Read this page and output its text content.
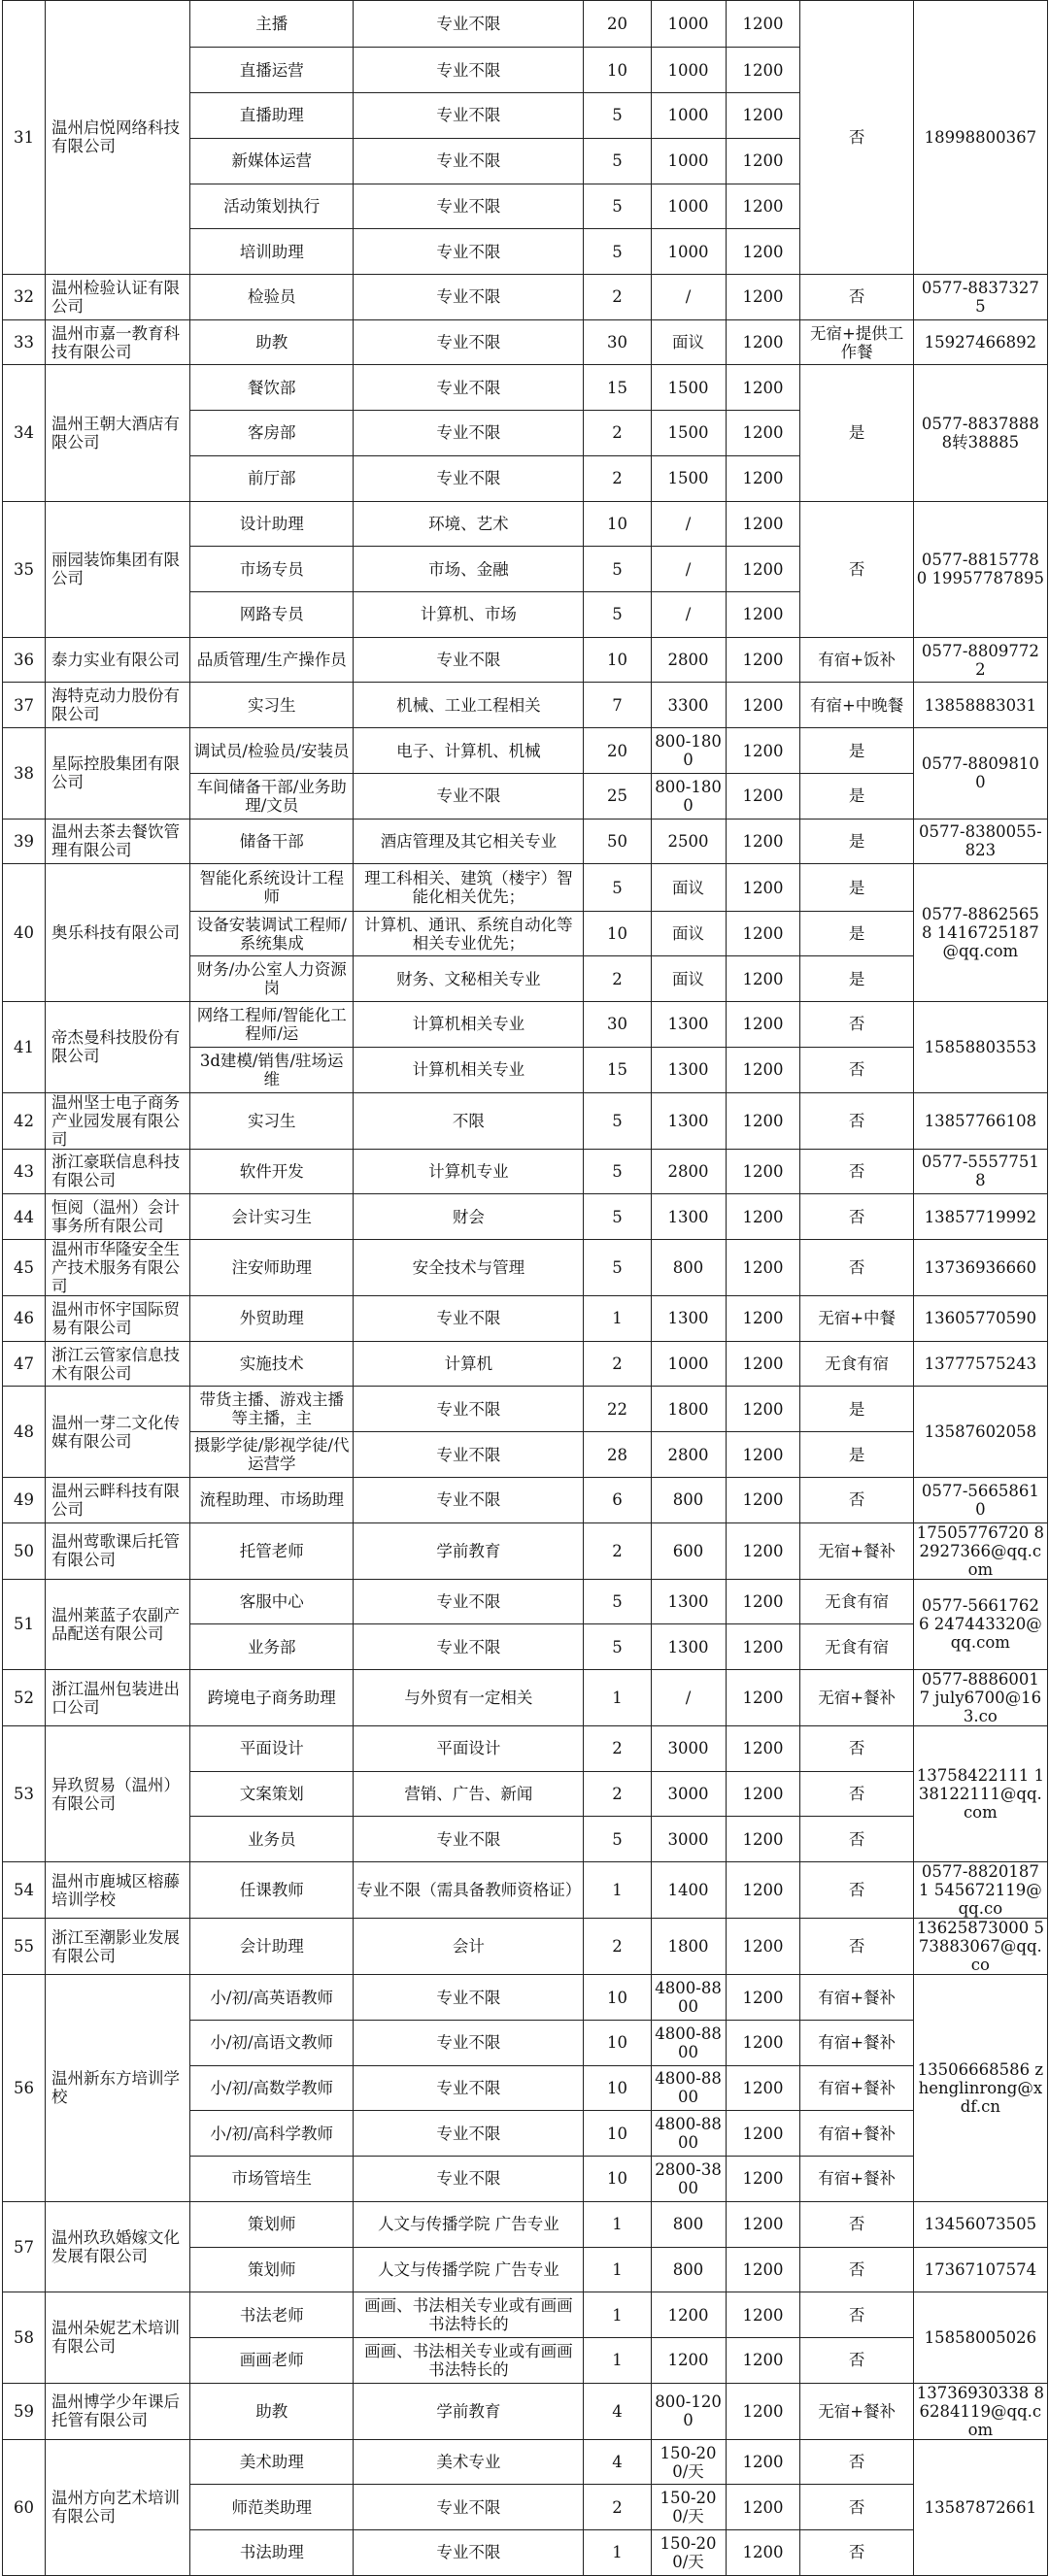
31	温州启悦网络科技有限公司	主播	专业不限	20	1000	1200	否	18998800367
		直播运营	专业不限	10	1000	1200		
		直播助理	专业不限	5	1000	1200		
		新媒体运营	专业不限	5	1000	1200		
		活动策划执行	专业不限	5	1000	1200		
		培训助理	专业不限	5	1000	1200		
32	温州检验认证有限公司	检验员	专业不限	2	/	1200	否	0577-88373275
33	温州市嘉一教育科技有限公司	助教	专业不限	30	面议	1200	无宿+提供工作餐	15927466892
34	温州王朝大酒店有限公司	餐饮部	专业不限	15	1500	1200	是	0577-88378888转38885
		客房部	专业不限	2	1500	1200		
		前厅部	专业不限	2	1500	1200		
35	丽园装饰集团有限公司	设计助理	环境、艺术	10	/	1200	否	0577-88157780 19957787895
		市场专员	市场、金融	5	/	1200		
		网路专员	计算机、市场	5	/	1200		
36	泰力实业有限公司	品质管理/生产操作员	专业不限	10	2800	1200	有宿+饭补	0577-88097722
37	海特克动力股份有限公司	实习生	机械、工业工程相关	7	3300	1200	有宿+中晚餐	13858883031
38	星际控股集团有限公司	调试员/检验员/安装员	电子、计算机、机械	20	800-1800	1200	是	0577-88098100
		车间储备干部/业务助理/文员	专业不限	25	800-1800	1200	是	
39	温州去茶去餐饮管理有限公司	储备干部	酒店管理及其它相关专业	50	2500	1200	是	0577-8380055-823
40	奥乐科技有限公司	智能化系统设计工程师	理工科相关、建筑（楼宇）智能化相关优先；	5	面议	1200	是	0577-88625658 1416725187@qq.com
		设备安装调试工程师/系统集成	计算机、通讯、系统自动化等相关专业优先；	10	面议	1200	是	
		财务/办公室人力资源岗	财务、文秘相关专业	2	面议	1200	是	
41	帝杰曼科技股份有限公司	网络工程师/智能化工程师/运	计算机相关专业	30	1300	1200	否	15858803553
		3d建模/销售/驻场运维	计算机相关专业	15	1300	1200	否	
42	温州坚士电子商务产业园发展有限公司	实习生	不限	5	1300	1200	否	13857766108
43	浙江豪联信息科技有限公司	软件开发	计算机专业	5	2800	1200	否	0577-55577518
44	恒阅（温州）会计事务所有限公司	会计实习生	财会	5	1300	1200	否	13857719992
45	温州市华隆安全生产技术服务有限公司	注安师助理	安全技术与管理	5	800	1200	否	13736936660
46	温州市怀宇国际贸易有限公司	外贸助理	专业不限	1	1300	1200	无宿+中餐	13605770590
47	浙江云管家信息技术有限公司	实施技术	计算机	2	1000	1200	无食有宿	13777575243
48	温州一芽二文化传媒有限公司	带货主播、游戏主播等主播，主	专业不限	22	1800	1200	是	13587602058
		摄影学徒/影视学徒/代运营学	专业不限	28	2800	1200	是	
49	温州云畔科技有限公司	流程助理、市场助理	专业不限	6	800	1200	否	0577-56658610
50	温州莺歌课后托管有限公司	托管老师	学前教育	2	600	1200	无宿+餐补	17505776720 82927366@qq.com
51	温州莱蓝子农副产品配送有限公司	客服中心	专业不限	5	1300	1200	无食有宿	0577-56617626 247443320@qq.com
		业务部	专业不限	5	1300	1200	无食有宿	
52	浙江温州包装进出口公司	跨境电子商务助理	与外贸有一定相关	1	/	1200	无宿+餐补	0577-88860017 july6700@163.co
53	异玖贸易（温州）有限公司	平面设计	平面设计	2	3000	1200	否	13758422111 138122111@qq.com
		文案策划	营销、广告、新闻	2	3000	1200	否	
		业务员	专业不限	5	3000	1200	否	
54	温州市鹿城区榕藤培训学校	任课教师	专业不限（需具备教师资格证）	1	1400	1200	否	0577-88201871 545672119@qq.co
55	浙江至潮影业发展有限公司	会计助理	会计	2	1800	1200	否	13625873000 573883067@qq.co
56	温州新东方培训学校	小/初/高英语教师	专业不限	10	4800-8800	1200	有宿+餐补	13506668586 zhenglinrong@xdf.cn
		小/初/高语文教师	专业不限	10	4800-8800	1200	有宿+餐补	
		小/初/高数学教师	专业不限	10	4800-8800	1200	有宿+餐补	
		小/初/高科学教师	专业不限	10	4800-8800	1200	有宿+餐补	
		市场管培生	专业不限	10	2800-3800	1200	有宿+餐补	
57	温州玖玖婚嫁文化发展有限公司	策划师	人文与传播学院 广告专业	1	800	1200	否	13456073505
		策划师	人文与传播学院 广告专业	1	800	1200	否	17367107574
58	温州朵妮艺术培训有限公司	书法老师	画画、书法相关专业或有画画书法特长的	1	1200	1200	否	15858005026
		画画老师	画画、书法相关专业或有画画书法特长的	1	1200	1200	否	
59	温州博学少年课后托管有限公司	助教	学前教育	4	800-1200	1200	无宿+餐补	13736930338 86284119@qq.com
60	温州方向艺术培训有限公司	美术助理	美术专业	4	150-200/天	1200	否	13587872661
		师范类助理	专业不限	2	150-200/天	1200	否	
		书法助理	专业不限	1	150-200/天	1200	否	
